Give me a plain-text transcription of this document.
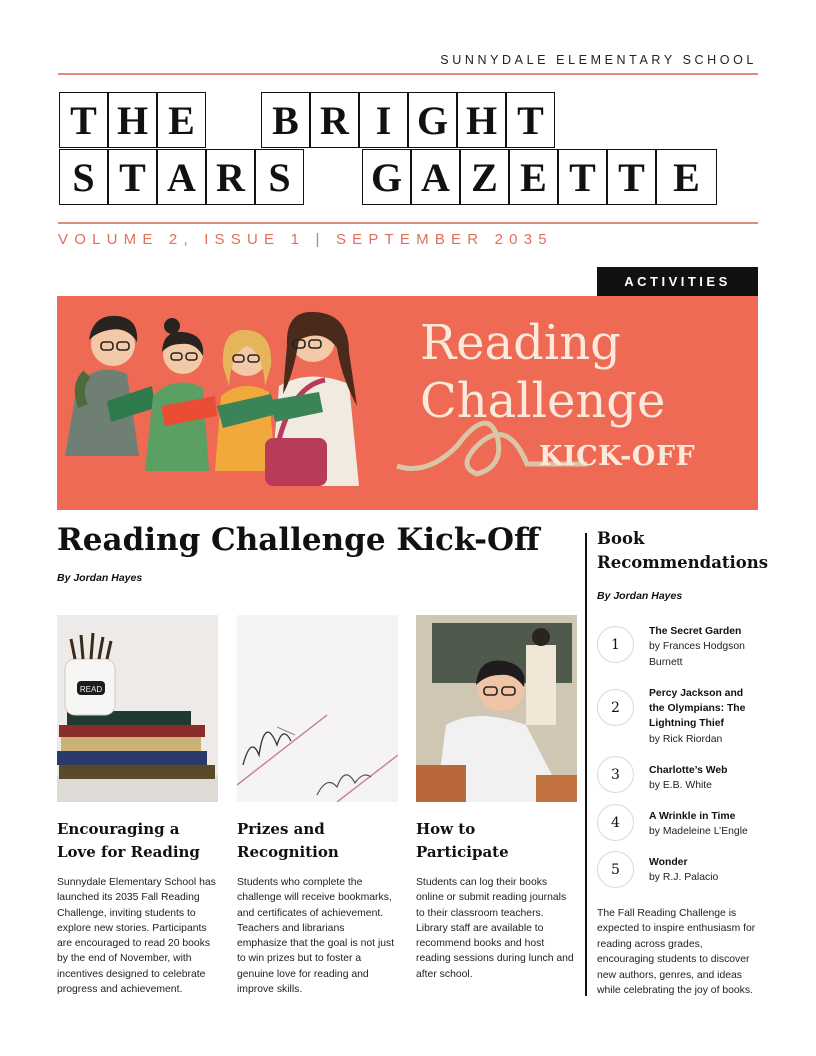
SUNNYDALE ELEMENTARY SCHOOL
T H E B R I G H T
S T A R S	G A Z E T T E
VOLUME 2, ISSUE 1 | SEPTEMBER 2035
Reading
Challenge
KICK-OFF
ACTIVITIES
Reading Challenge Kick-Off
By Jordan Hayes
READ
Encouraging a
Love for Reading
Prizes and
Recognition
How to
Participate
Sunnydale Elementary School has launched its 2035 Fall Reading Challenge, inviting students to explore new stories. Participants are encouraged to read 20 books by the end of November, with incentives designed to celebrate progress and achievement.
Students who complete the challenge will receive bookmarks, and certificates of achievement. Teachers and librarians emphasize that the goal is not just to win prizes but to foster a genuine love for reading and improve skills.
Students can log their books online or submit reading journals to their classroom teachers. Library staff are available to recommend books and host reading sessions during lunch and after school.
Book
Recommendations
By Jordan Hayes
1
The Secret Garden
by Frances Hodgson Burnett
2
Percy Jackson and the Olympians: The Lightning Thief
by Rick Riordan
3	Charlotte’s Web
by E.B. White
4	A Wrinkle in Time
by Madeleine L’Engle
5	Wonder
by R.J. Palacio
The Fall Reading Challenge is expected to inspire enthusiasm for reading across grades, encouraging students to discover new authors, genres, and ideas while celebrating the joy of books.
